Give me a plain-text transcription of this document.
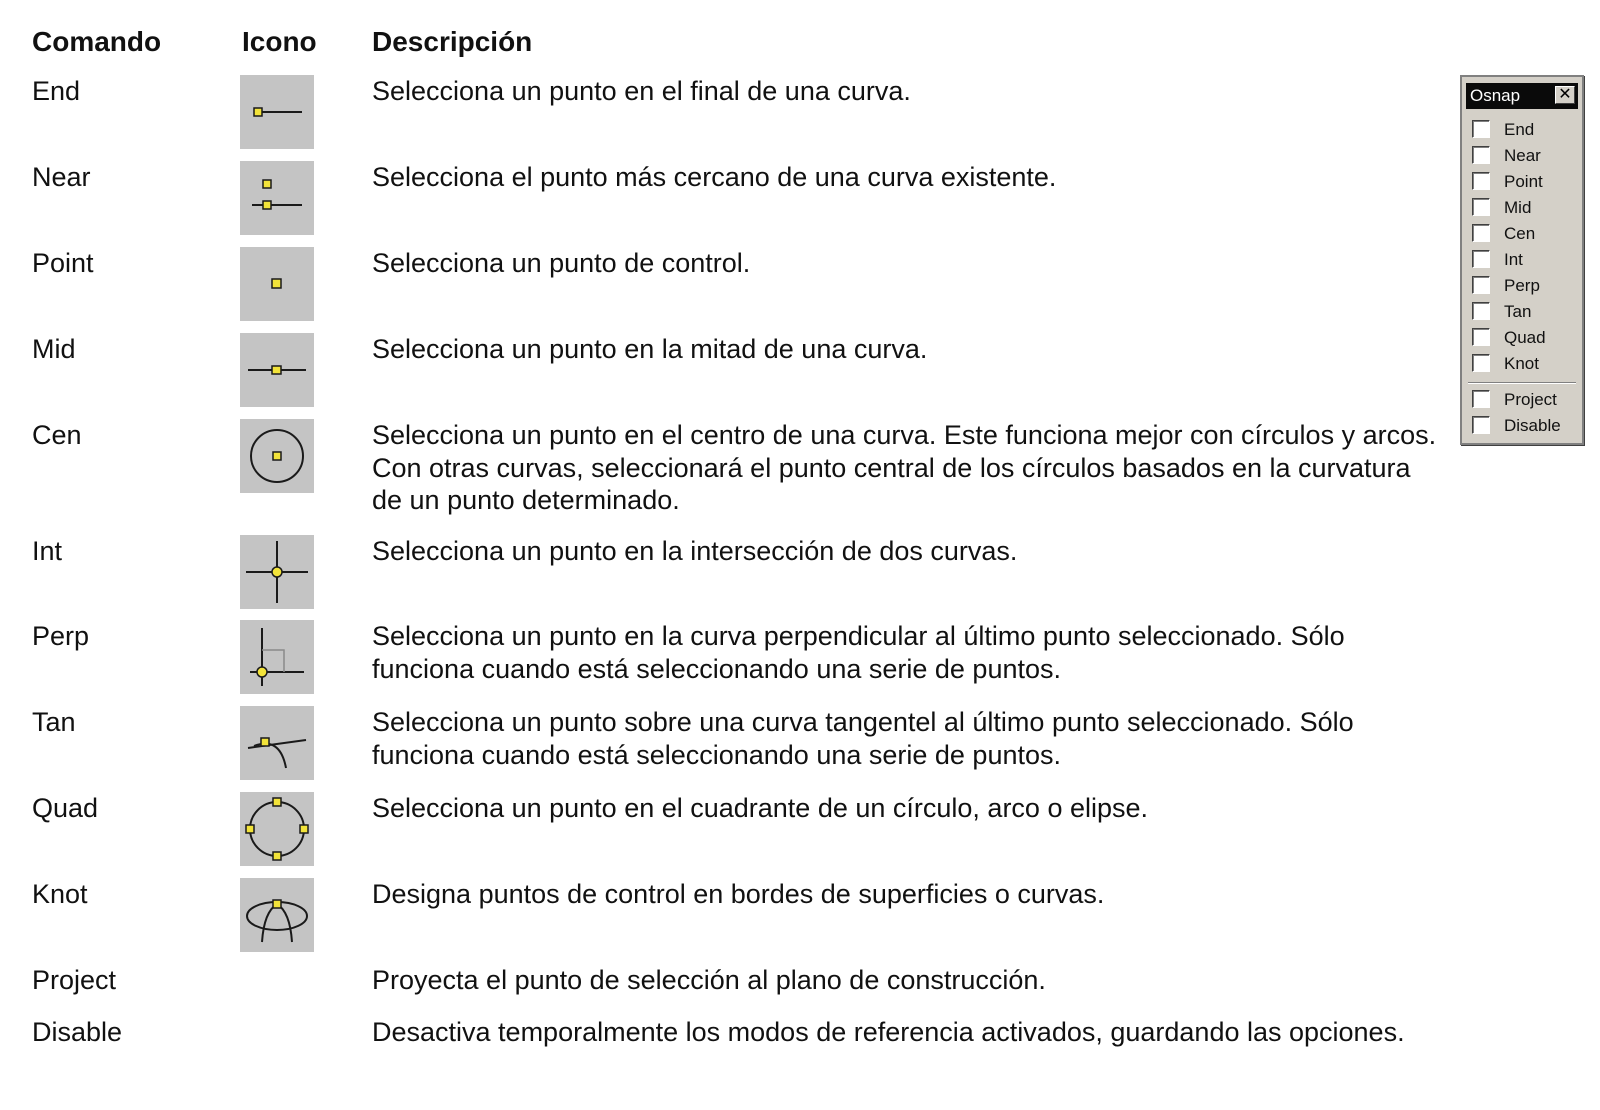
Comando	Icono Descripción
End	Selecciona un punto en el final de una curva.
Near	Selecciona el punto más cercano de una curva existente.
Point	Selecciona un punto de control.
Mid	Selecciona un punto en la mitad de una curva.
Cen	Selecciona un punto en el centro de una curva. Este funciona mejor con círculos y arcos. Con otras curvas, seleccionará el punto central de los círculos basados en la curvatura de un punto determinado.
Int	Selecciona un punto en la intersección de dos curvas.
Perp	Selecciona un punto en la curva perpendicular al último punto seleccionado. Sólo funciona cuando está seleccionando una serie de puntos.
Tan	Selecciona un punto sobre una curva tangentel al último punto seleccionado. Sólo funciona cuando está seleccionando una serie de puntos.
Quad	Selecciona un punto en el cuadrante de un círculo, arco o elipse.
Knot	Designa puntos de control en bordes de superficies o curvas.
Project	Proyecta el punto de selección al plano de construcción.
Disable	Desactiva temporalmente los modos de referencia activados, guardando las opciones.
Osnap ✕
End
Near
Point
Mid
Cen
Int
Perp
Tan
Quad
Knot
Project
Disable
